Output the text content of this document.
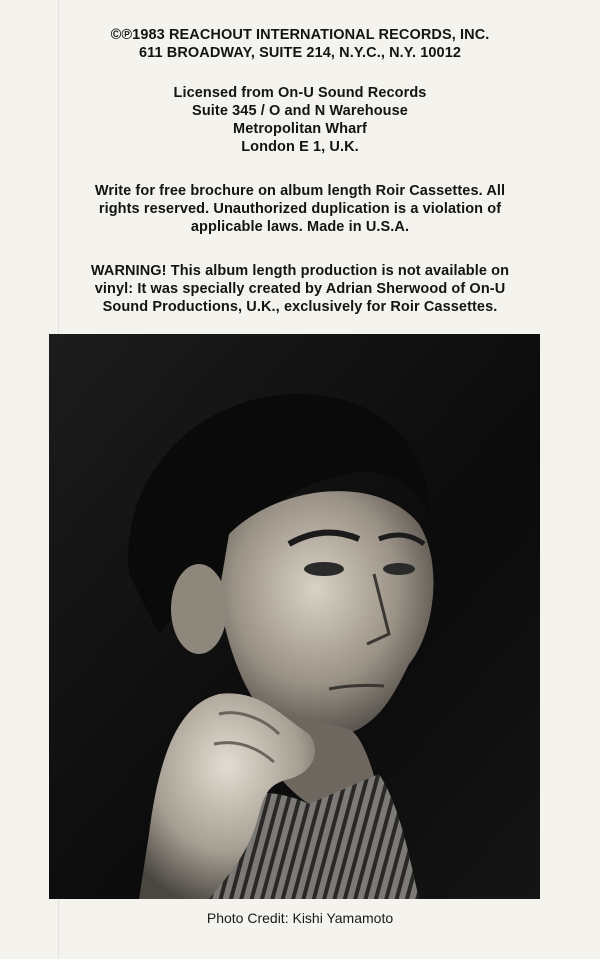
©℗1983 REACHOUT INTERNATIONAL RECORDS, INC.
611 BROADWAY, SUITE 214, N.Y.C., N.Y. 10012
Licensed from On-U Sound Records
Suite 345 / O and N Warehouse
Metropolitan Wharf
London E 1, U.K.
Write for free brochure on album length Roir Cassettes. All
rights reserved. Unauthorized duplication is a violation of
applicable laws. Made in U.S.A.
WARNING! This album length production is not available on
vinyl: It was specially created by Adrian Sherwood of On-U
Sound Productions, U.K., exclusively for Roir Cassettes.
Photo Credit: Kishi Yamamoto
